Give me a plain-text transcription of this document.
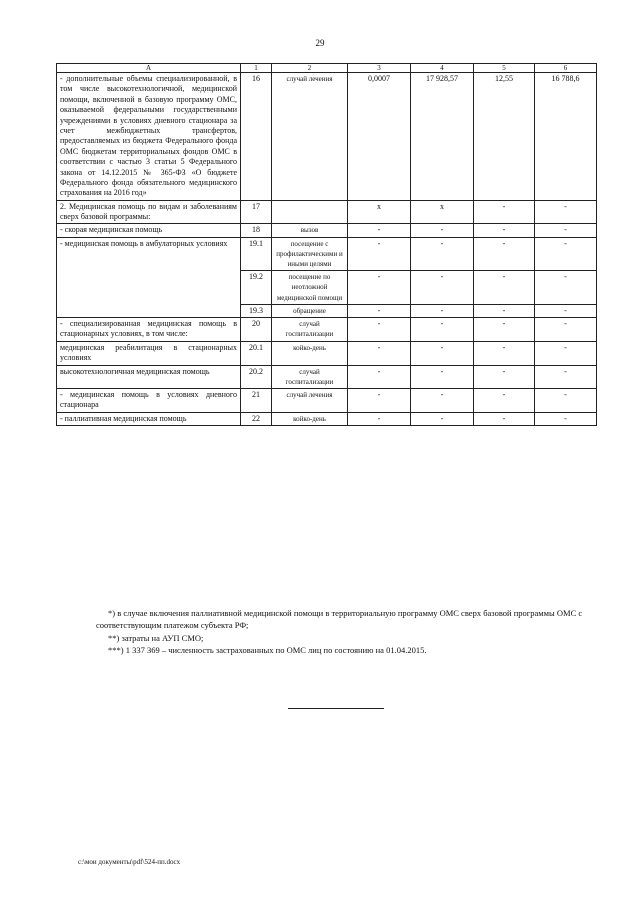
29
А	1	2	3	4	5	6
- дополнительные объемы специализированной, в том числе высокотехнологичной, медицинской помощи, включенной в базовую программу ОМС, оказываемой федеральными государственными учреждениями в условиях дневного стационара за счет межбюджетных трансфертов, предоставляемых из бюджета Федерального фонда ОМС бюджетам территориальных фондов ОМС в соответствии с частью 3 статьи 5 Федерального закона от 14.12.2015 № 365-ФЗ «О бюджете Федерального фонда обязательного медицинского страхования на 2016 год»	16	случай лечения	0,0007	17 928,57	12,55	16 788,6
2. Медицинская помощь по видам и заболеваниям сверх базовой программы:	17		х	х	-	-
- скорая медицинская помощь	18	вызов	-	-	-	-
- медицинская помощь в амбулаторных условиях	19.1	посещение с профилактическими и иными целями	-	-	-	-
	19.2	посещение по неотложной медицинской помощи	-	-	-	-
	19.3	обращение	-	-	-	-
- специализированная медицинская помощь в стационарных условиях, в том числе:	20	случай госпитализации	-	-	-	-
медицинская реабилитация в стационарных условиях	20.1	койко-день	-	-	-	-
высокотехнологичная медицинская помощь	20.2	случай госпитализации	-	-	-	-
- медицинская помощь в условиях дневного стационара	21	случай лечения	-	-	-	-
- паллиативная медицинская помощь	22	койко-день	-	-	-	-

*) в случае включения паллиативной медицинской помощи в территориальную программу ОМС сверх базовой программы ОМС с соответствующим платежом субъекта РФ;

**) затраты на АУП СМО;

***) 1 337 369 – численность застрахованных по ОМС лиц по состоянию на 01.04.2015.

c:\мои документы\pdf\524-пп.docx
